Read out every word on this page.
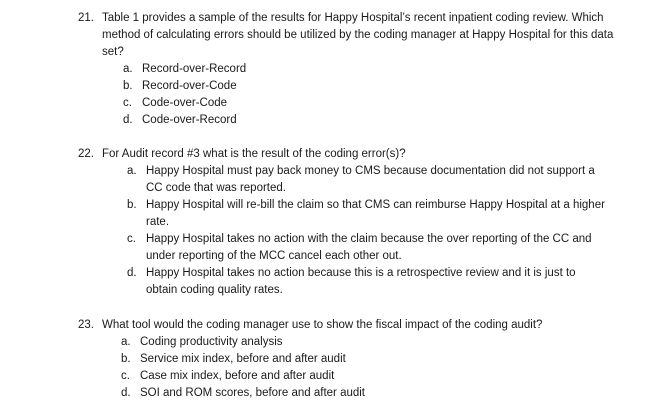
21. Table 1 provides a sample of the results for Happy Hospital’s recent inpatient coding review. Which method of calculating errors should be utilized by the coding manager at Happy Hospital for this data set?
a. Record-over-Record
b. Record-over-Code
c. Code-over-Code
d. Code-over-Record
22. For Audit record #3 what is the result of the coding error(s)?
a. Happy Hospital must pay back money to CMS because documentation did not support a CC code that was reported.
b. Happy Hospital will re-bill the claim so that CMS can reimburse Happy Hospital at a higher rate.
c. Happy Hospital takes no action with the claim because the over reporting of the CC and under reporting of the MCC cancel each other out.
d. Happy Hospital takes no action because this is a retrospective review and it is just to obtain coding quality rates.
23. What tool would the coding manager use to show the fiscal impact of the coding audit?
a. Coding productivity analysis
b. Service mix index, before and after audit
c. Case mix index, before and after audit
d. SOI and ROM scores, before and after audit
